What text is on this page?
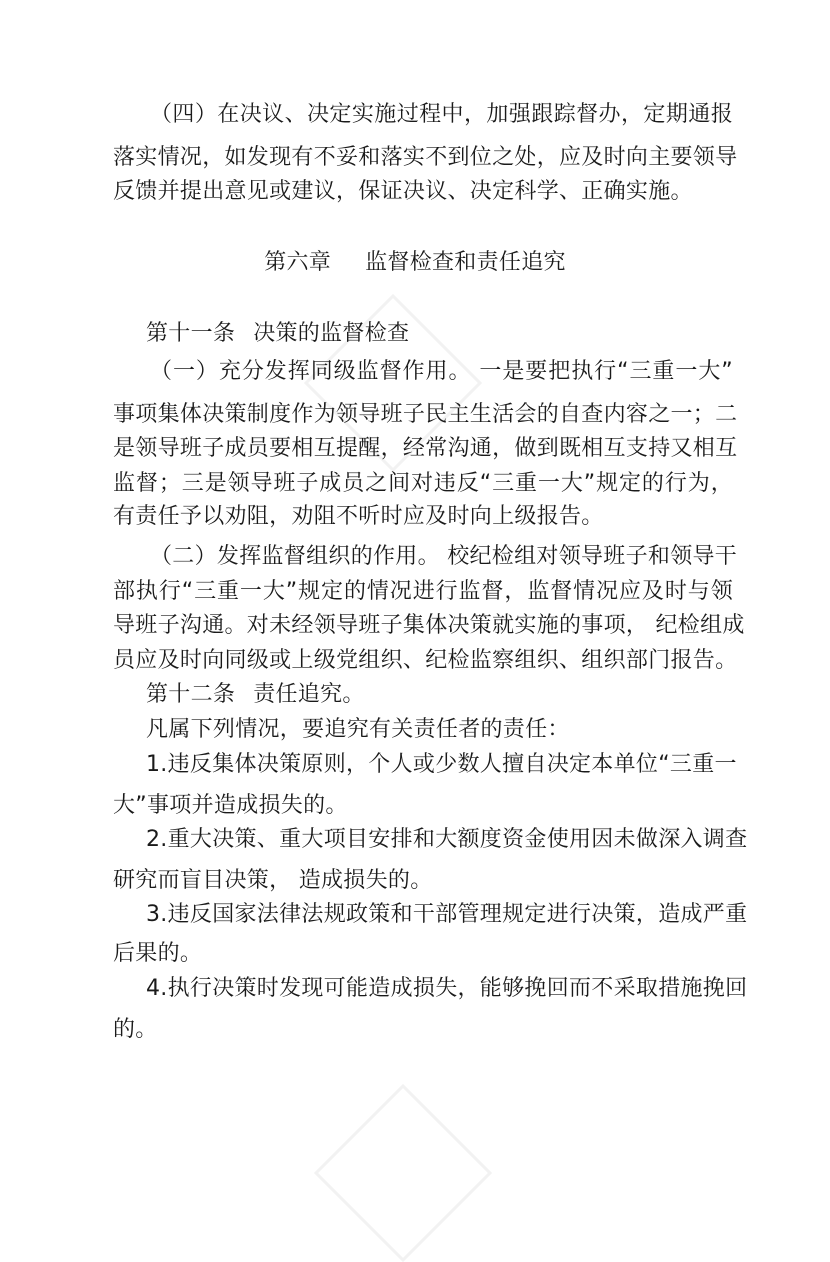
（四）在决议、决定实施过程中，加强跟踪督办，定期通报
落实情况，如发现有不妥和落实不到位之处，应及时向主要领导
反馈并提出意见或建议，保证决议、决定科学、正确实施。
第六章 监督检查和责任追究
第十一条 决策的监督检查
（一）充分发挥同级监督作用。 一是要把执行“三重一大”
事项集体决策制度作为领导班子民主生活会的自查内容之一；二
是领导班子成员要相互提醒，经常沟通，做到既相互支持又相互
监督；三是领导班子成员之间对违反“三重一大”规定的行为，
有责任予以劝阻，劝阻不听时应及时向上级报告。
（二）发挥监督组织的作用。 校纪检组对领导班子和领导干
部执行“三重一大”规定的情况进行监督，监督情况应及时与领
导班子沟通。对未经领导班子集体决策就实施的事项， 纪检组成
员应及时向同级或上级党组织、纪检监察组织、组织部门报告。
第十二条 责任追究。
凡属下列情况，要追究有关责任者的责任：
1.违反集体决策原则，个人或少数人擅自决定本单位“三重一
大”事项并造成损失的。
2.重大决策、重大项目安排和大额度资金使用因未做深入调查
研究而盲目决策， 造成损失的。
3.违反国家法律法规政策和干部管理规定进行决策，造成严重
后果的。
4.执行决策时发现可能造成损失，能够挽回而不采取措施挽回
的。
